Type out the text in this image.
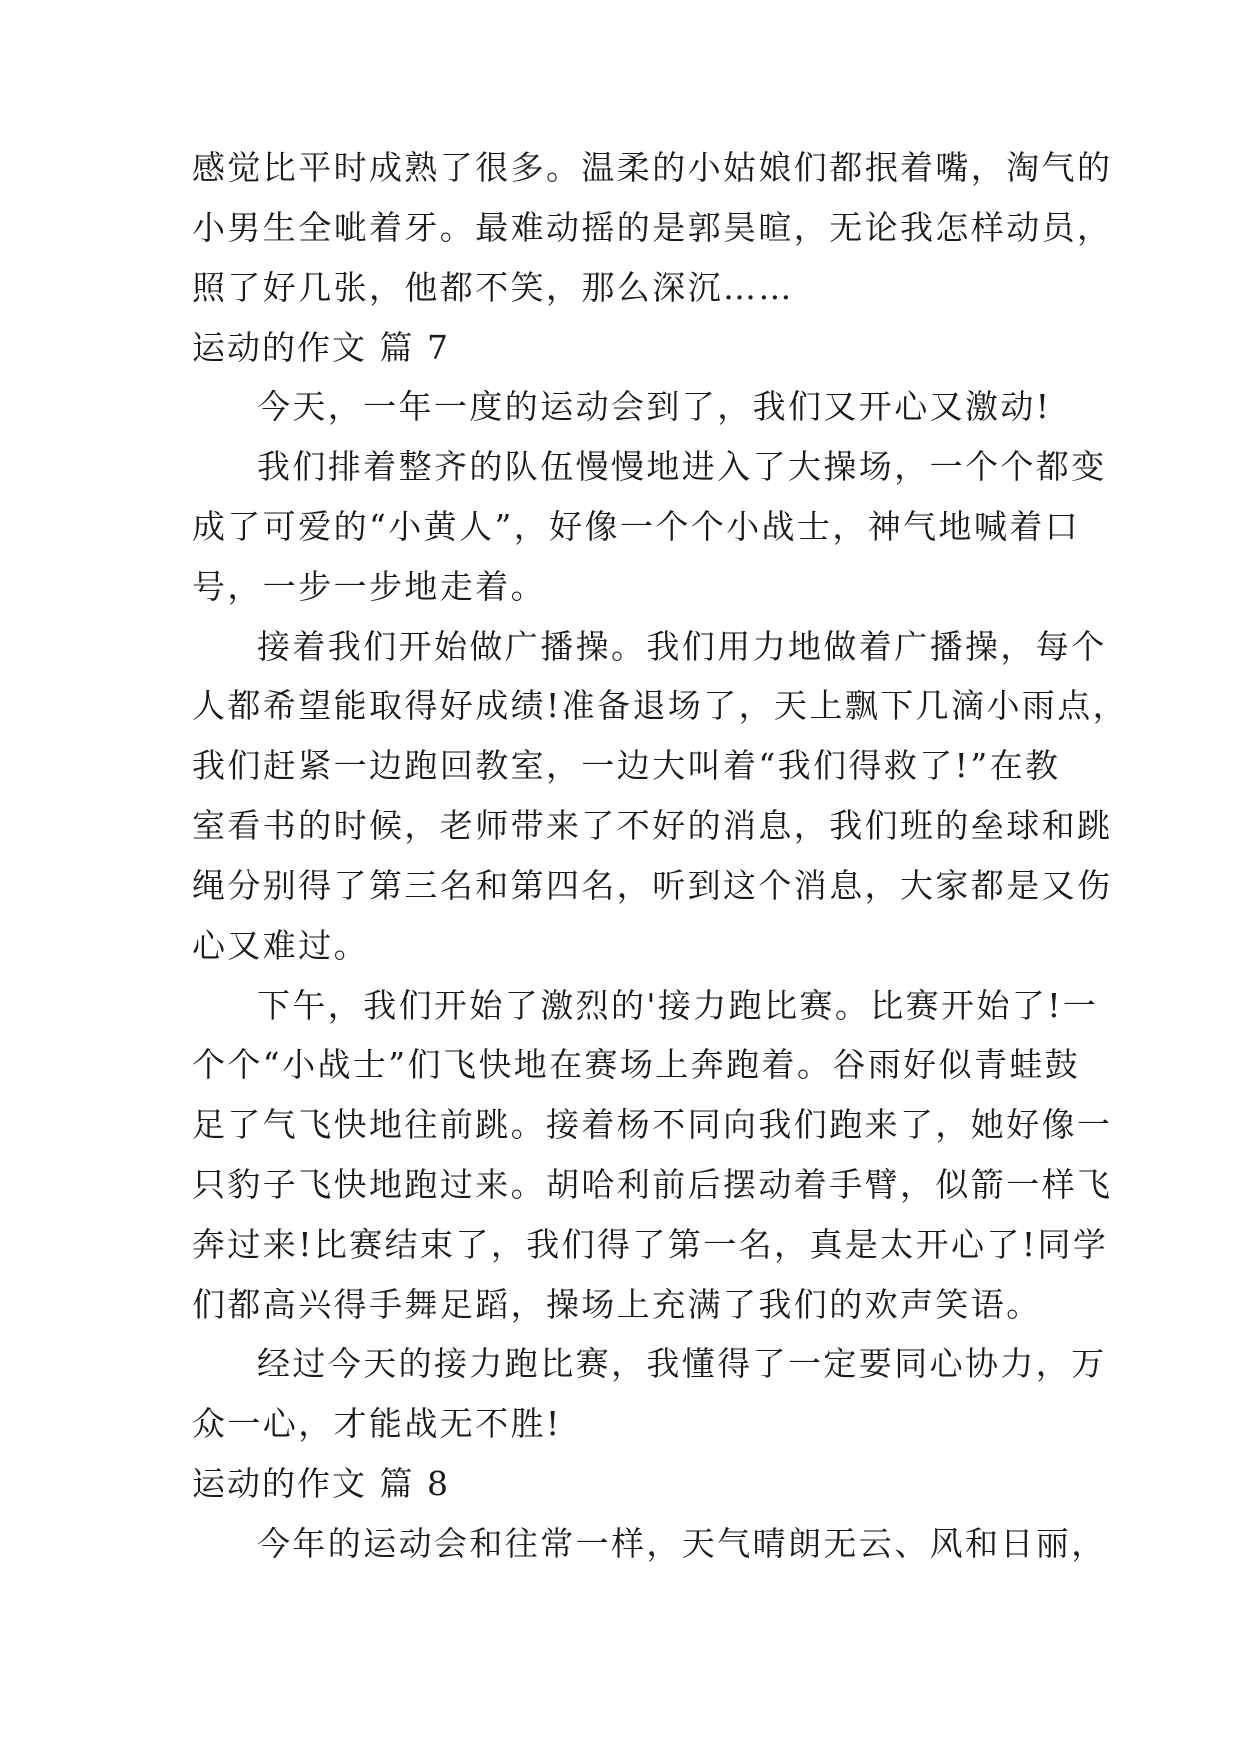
感觉比平时成熟了很多。温柔的小姑娘们都抿着嘴，淘气的
小男生全呲着牙。最难动摇的是郭昊暄，无论我怎样动员，
照了好几张，他都不笑，那么深沉……
运动的作文 篇 7
今天，一年一度的运动会到了，我们又开心又激动!
我们排着整齐的队伍慢慢地进入了大操场，一个个都变
成了可爱的“小黄人”，好像一个个小战士，神气地喊着口
号，一步一步地走着。
接着我们开始做广播操。我们用力地做着广播操，每个
人都希望能取得好成绩!准备退场了，天上飘下几滴小雨点，
我们赶紧一边跑回教室，一边大叫着“我们得救了!”在教
室看书的时候，老师带来了不好的消息，我们班的垒球和跳
绳分别得了第三名和第四名，听到这个消息，大家都是又伤
心又难过。
下午，我们开始了激烈的'接力跑比赛。比赛开始了!一
个个“小战士”们飞快地在赛场上奔跑着。谷雨好似青蛙鼓
足了气飞快地往前跳。接着杨不同向我们跑来了，她好像一
只豹子飞快地跑过来。胡哈利前后摆动着手臂，似箭一样飞
奔过来!比赛结束了，我们得了第一名，真是太开心了!同学
们都高兴得手舞足蹈，操场上充满了我们的欢声笑语。
经过今天的接力跑比赛，我懂得了一定要同心协力，万
众一心，才能战无不胜!
运动的作文 篇 8
今年的运动会和往常一样，天气晴朗无云、风和日丽，
